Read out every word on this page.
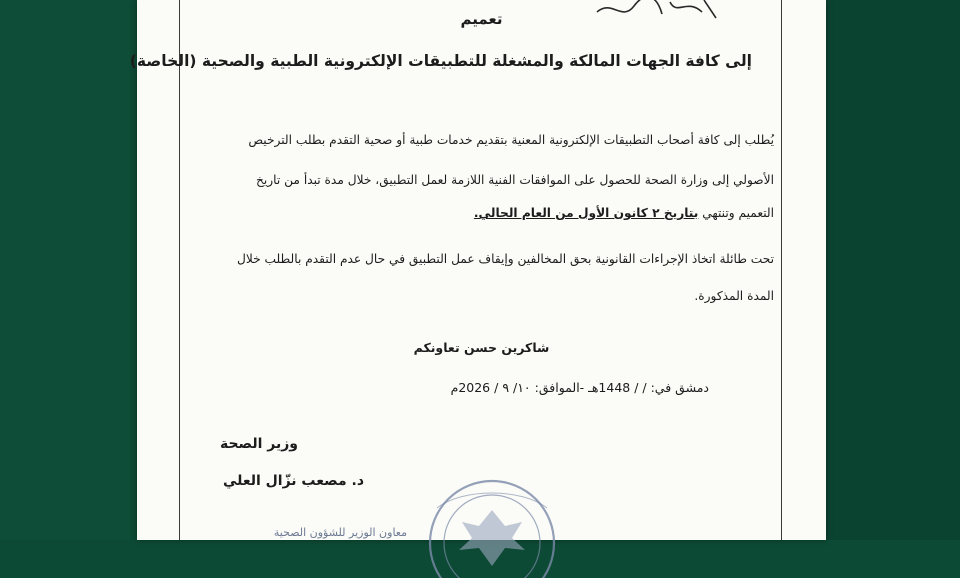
تعميم
إلى كافة الجهات المالكة والمشغلة للتطبيقات الإلكترونية الطبية والصحية (الخاصة)
يُطلب إلى كافة أصحاب التطبيقات الإلكترونية المعنية بتقديم خدمات طبية أو صحية التقدم بطلب الترخيص
الأصولي إلى وزارة الصحة للحصول على الموافقات الفنية اللازمة لعمل التطبيق، خلال مدة تبدأ من تاريخ
التعميم وتنتهي بتاريخ ٢ كانون الأول من العام الحالي.
تحت طائلة اتخاذ الإجراءات القانونية بحق المخالفين وإيقاف عمل التطبيق في حال عدم التقدم بالطلب خلال
المدة المذكورة.
شاكرين حسن تعاونكم
دمشق في: / / 1448هـ -الموافق: ١٠/ ٩ / 2026م
وزير الصحة
د. مصعب نزّال العلي
معاون الوزير للشؤون الصحية
